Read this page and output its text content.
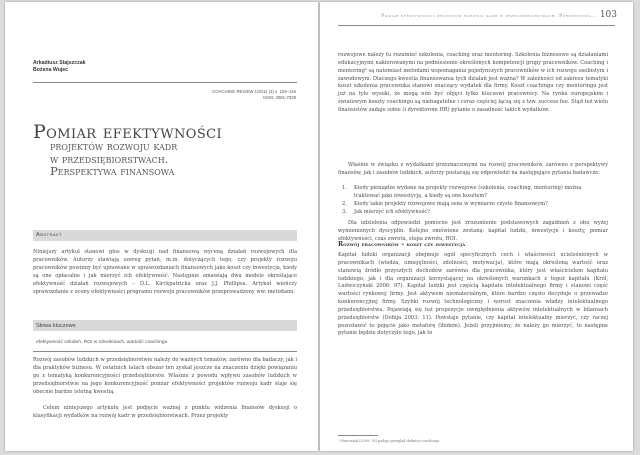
Arkadiusz Stajszczak
Bożena Wujec
COACHING REVIEW 1/2011 (3) s. 102–116
ISSN: 2081-7029
Pomiar efektywności
projektów rozwoju kadr
w przedsiębiorstwach.
Perspektywa finansowa
Abstrakt
Niniejszy artykuł stanowi głos w dyskusji nad finansową wyceną działań rozwojowych dla pracowników. Autorzy stawiają szereg pytań, m.in. dotyczących tego, czy projekty rozwoju pracowników powinny być ujmowane w sprawozdaniach finansowych jako koszt czy inwestycja, kiedy są one opłacalne i jak mierzyć ich efektywność. Następnie omawiają dwa modele określające efektywność działań rozwojowych – D.L. Kirckpatricka oraz J.J. Phillipsa. Artykuł wieńczy sprawozdanie z oceny efektywności programu rozwoju pracowników przeprowadzony ww. metodami.
Słowa kluczowe
efektywność szkoleń, ROI w szkoleniach, wartość coachingu
Rozwój zasobów ludzkich w przedsiębiorstwie należy do ważnych tematów, zarówno dla badaczy, jak i dla praktyków biznesu. W ostatnich latach obszar ten zyskał jeszcze na znaczeniu dzięki powiązaniu go z tematyką konkurencyjności przedsiębiorstw. Właśnie z powodu wpływu zasobów ludzkich w przedsiębiorstwie na jego konkurencyjność pomiar efektywności projektów rozwoju kadr staje się obecnie bardzo istotną kwestią.
Celem niniejszego artykułu jest podjęcie ważnej z punktu widzenia finansów dyskusji o klasyfikacji wydatków na rozwój kadr w przedsiębiorstwach. Przez projekty
Pomiar efektywności projektów rozwoju kadr w przedsiębiorstwach. Perspektywa... 103
rozwojowe należy tu rozumieć szkolenia, coaching oraz mentoring. Szkolenia biznesowe są działaniami edukacyjnymi nakierowanymi na podniesienie określonych kompetencji grupy pracowników. Coaching i mentoring¹ są natomiast metodami wspomagania pojedynczych pracowników w ich rozwoju osobistym i zawodowym. Dlaczego kwestia finansowania tych działań jest ważna? W zależności od zakresu tematyki koszt szkolenia pracownika stanowi znaczący wydatek dla firmy. Koszt coachingu czy mentoringu jest już na tyle wysoki, że mogą nim być objęci tylko kluczowi pracownicy. Na rynku europejskim i światowym koszty coachingu są niebagatelne i coraz częściej łączą się z tzw. success fee. Stąd też wielu finansistów zadaje sobie (i dyrektorom HR) pytanie o zasadność takich wydatków.
Właśnie w związku z wydatkami przeznaczonymi na rozwój pracowników, zarówno z perspektywy finansów, jak i zasobów ludzkich, autorzy postarają się odpowiedzi na następujące pytania badawcze:
1.	Kiedy pieniądze wydane na projekty rozwojowe (szkolenia, coaching, mentoring) można traktować jako inwestycję, a kiedy są one kosztem?
2.	Kiedy takie projekty rozwojowe mają sens w wymiarze czysto finansowym?
3.	Jak mierzyć ich efektywność?
Dla udzielenia odpowiedzi pomocne jest zrozumienie podstawowych zagadnień z obu wyżej wymienionych dyscyplin. Kolejno omówione zostaną: kapitał ludzki, inwestycje i koszty, pomiar efektywności, czas zwrotu, stopa zwrotu, ROI.
Rozwój pracowników – koszt czy inwestycja
Kapitał ludzki organizacji obejmuje ogół specyficznych cech i właściwości ucieleśnionych w pracownikach (wiedza, umiejętności, zdolności, motywacja), które mają określoną wartość oraz stanowią źródło przyszłych dochodów zarówno dla pracownika, który jest właścicielem kapitału ludzkiego, jak i dla organizacji korzystającej na określonych warunkach z tegoż kapitału (Król, Ludwiczyński 2006: 97). Kapitał ludzki jest częścią kapitału intelektualnego firmy i stanowi część wartości rynkowej firmy. Jest aktywem niematerialnym, które bardzo często decyduje o przewadze konkurencyjnej firmy. Szybki rozwój technologiczny i wzrost znaczenia władzy intelektualnego przedsiębiorstwa. Pojawiają się też propozycje uwzględnienia aktywów intelektualnych w bilansach przedsiębiorstw (Dobija 2003: 11). Powstaje pytanie, czy kapitał intelektualny mierzyć, czy raczej pozostawić to pojęcie jako metaforę (ibidem). Jeżeli przyjmiemy, że należy go mierzyć, to następne pytanie będzie dotyczyło tego, jak to
¹ Marciniak (2009: 19) podaje przegląd definicji coachingu.
